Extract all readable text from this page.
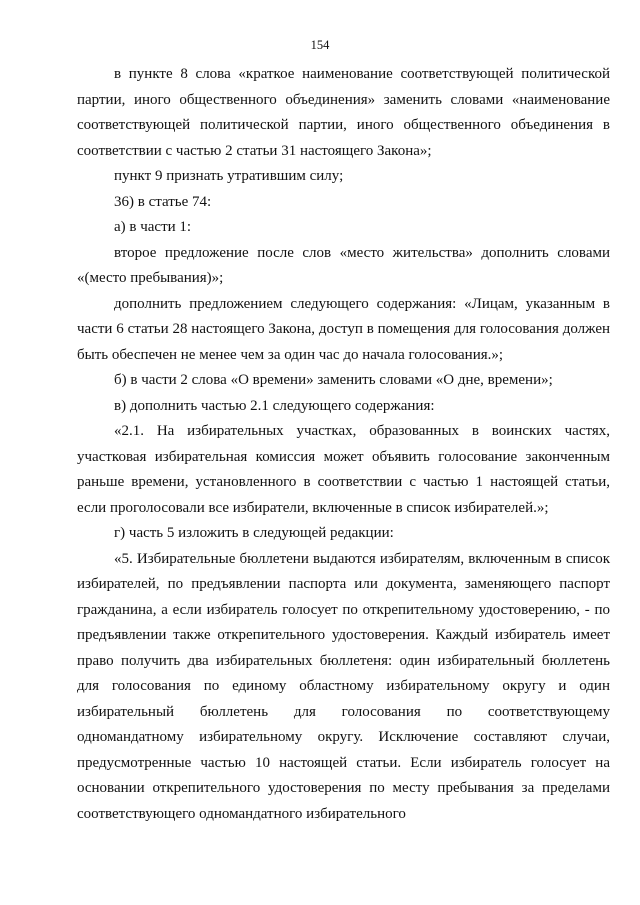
154

в пункте 8 слова «краткое наименование соответствующей политической партии, иного общественного объединения» заменить словами «наименование соответствующей политической партии, иного общественного объединения в соответствии с частью 2 статьи 31 настоящего Закона»;

пункт 9 признать утратившим силу;

36) в статье 74:

а) в части 1:

второе предложение после слов «место жительства» дополнить словами «(место пребывания)»;

дополнить предложением следующего содержания: «Лицам, указанным в части 6 статьи 28 настоящего Закона, доступ в помещения для голосования должен быть обеспечен не менее чем за один час до начала голосования.»;

б) в части 2 слова «О времени» заменить словами «О дне, времени»;

в) дополнить частью 2.1 следующего содержания:

«2.1. На избирательных участках, образованных в воинских частях, участковая избирательная комиссия может объявить голосование законченным раньше времени, установленного в соответствии с частью 1 настоящей статьи, если проголосовали все избиратели, включенные в список избирателей.»;

г) часть 5 изложить в следующей редакции:

«5. Избирательные бюллетени выдаются избирателям, включенным в список избирателей, по предъявлении паспорта или документа, заменяющего паспорт гражданина, а если избиратель голосует по открепительному удостоверению, - по предъявлении также открепительного удостоверения. Каждый избиратель имеет право получить два избирательных бюллетеня: один избирательный бюллетень для голосования по единому областному избирательному округу и один избирательный бюллетень для голосования по соответствующему одномандатному избирательному округу. Исключение составляют случаи, предусмотренные частью 10 настоящей статьи. Если избиратель голосует на основании открепительного удостоверения по месту пребывания за пределами соответствующего одномандатного избирательного
